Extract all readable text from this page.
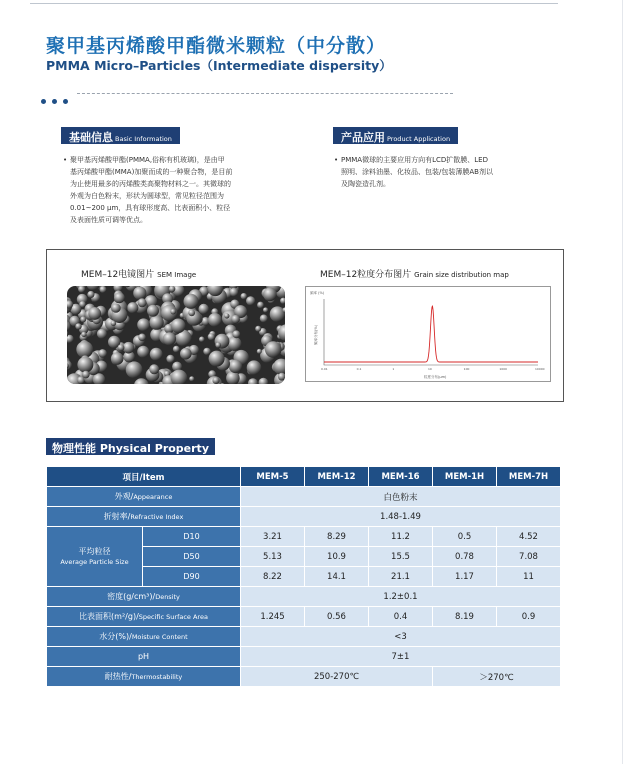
聚甲基丙烯酸甲酯微米颗粒（中分散）
PMMA Micro–Particles（Intermediate dispersity）
基础信息 Basic Information
• 聚甲基丙烯酸甲酯(PMMA,俗称有机玻璃)，是由甲
基丙烯酸甲酯(MMA)加聚而成的一种聚合物，是目前
为止使用最多的丙烯酸类高聚物材料之一。其微球的
外观为白色粉末，形状为圆球型，常见粒径范围为
0.01~200 μm，具有球形度高、比表面积小、粒径
及表面性质可调等优点。
产品应用 Product Application
• PMMA微球的主要应用方向有LCD扩散膜、LED
照明、涂料油墨、化妆品、包装/包装薄膜AB剂以
及陶瓷造孔剂。
MEM–12电镜图片 SEM Image	MEM–12粒度分布图片 Grain size distribution map
频率 (%)
频率分布(%)
粒度分布(μm)
0.01	0.1	1	10	100	1000	10000
物理性能 Physical Property
项目/Item		MEM-5	MEM-12	MEM-16	MEM-1H	MEM-7H
外观/Appearance		白色粉末				
折射率/Refractive Index		1.48-1.49				

平均粒径
Average Particle Size	D10	3.21	8.29	11.2	0.5	4.52
	D50	5.13	10.9	15.5	0.78	7.08
	D90	8.22	14.1	21.1	1.17	11
密度(g/cm³)/Density		1.2±0.1				
比表面积(m²/g)/Specific Surface Area		1.245	0.56	0.4	8.19	0.9
水分(%)/Moisture Content		<3				
pH		7±1				
耐热性/Thermostability		250-270℃			＞270℃	
